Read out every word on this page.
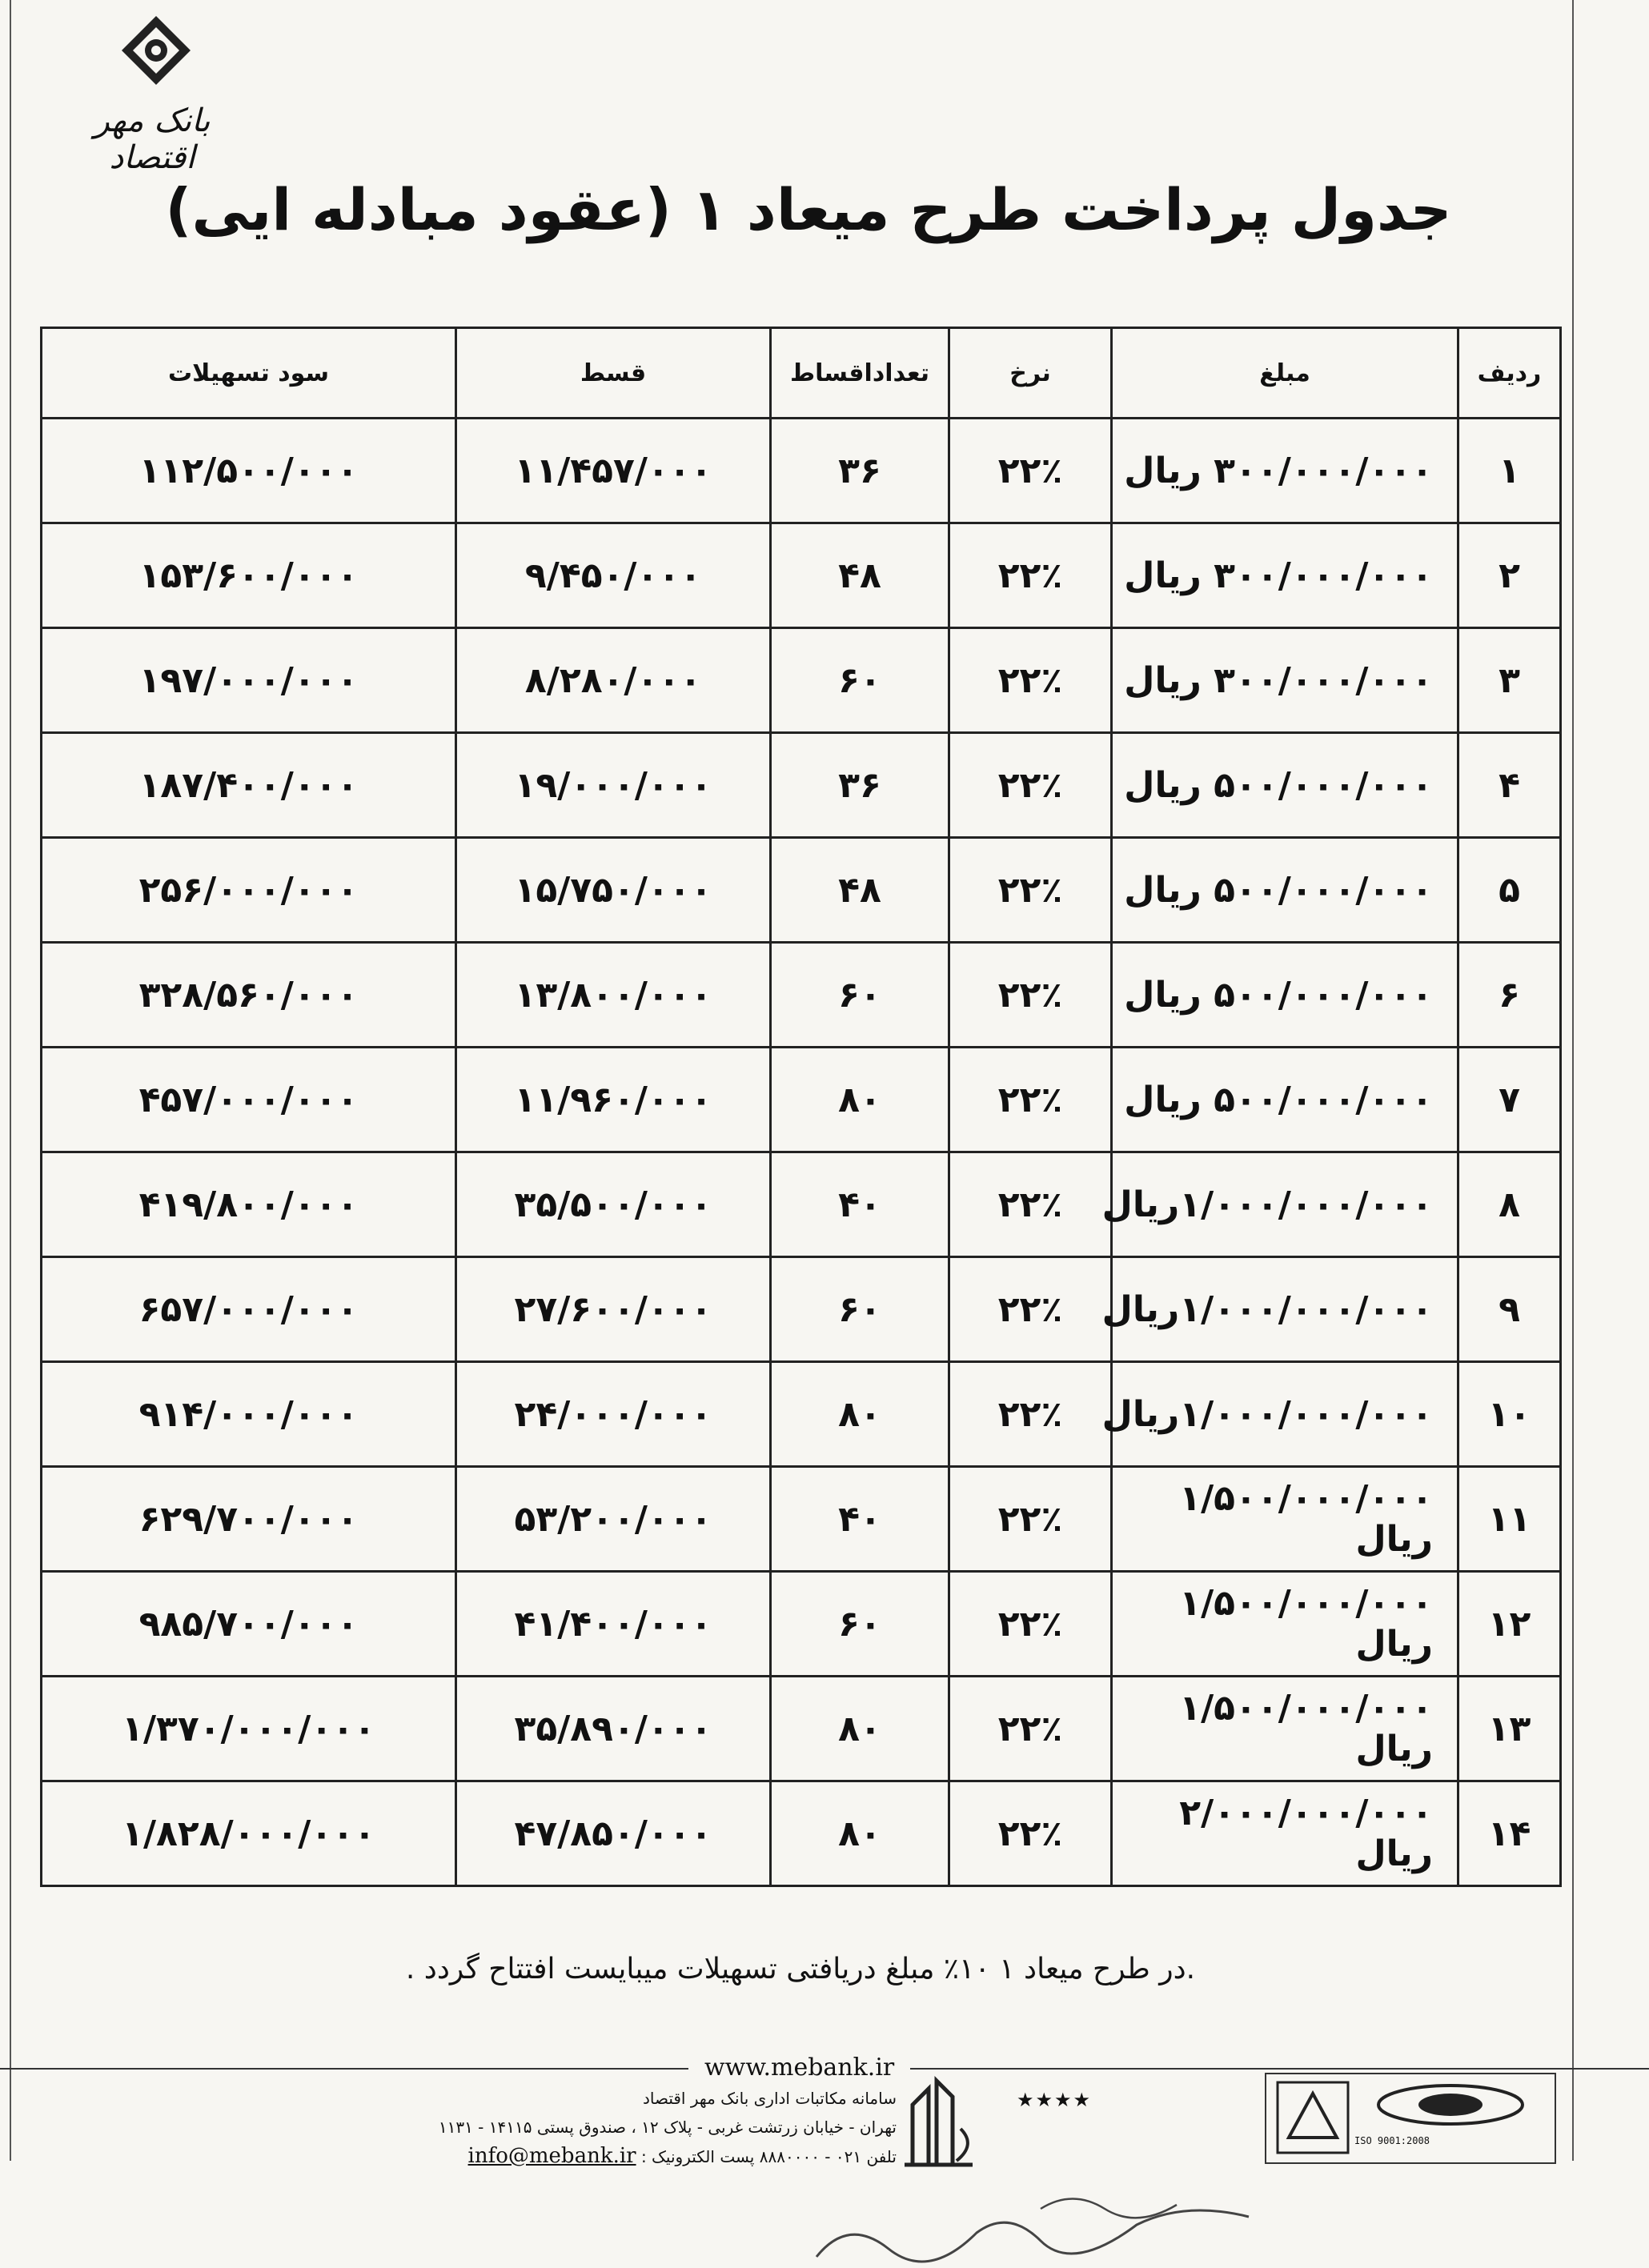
بانک مهر اقتصاد
جدول پرداخت طرح میعاد ۱ (عقود مبادله ایی)
ردیف	مبلغ	نرخ	تعداداقساط	قسط	سود تسهیلات
۱	۳۰۰/۰۰۰/۰۰۰ ریال	۲۲٪	۳۶	۱۱/۴۵۷/۰۰۰	۱۱۲/۵۰۰/۰۰۰
۲	۳۰۰/۰۰۰/۰۰۰ ریال	۲۲٪	۴۸	۹/۴۵۰/۰۰۰	۱۵۳/۶۰۰/۰۰۰
۳	۳۰۰/۰۰۰/۰۰۰ ریال	۲۲٪	۶۰	۸/۲۸۰/۰۰۰	۱۹۷/۰۰۰/۰۰۰
۴	۵۰۰/۰۰۰/۰۰۰ ریال	۲۲٪	۳۶	۱۹/۰۰۰/۰۰۰	۱۸۷/۴۰۰/۰۰۰
۵	۵۰۰/۰۰۰/۰۰۰ ریال	۲۲٪	۴۸	۱۵/۷۵۰/۰۰۰	۲۵۶/۰۰۰/۰۰۰
۶	۵۰۰/۰۰۰/۰۰۰ ریال	۲۲٪	۶۰	۱۳/۸۰۰/۰۰۰	۳۲۸/۵۶۰/۰۰۰
۷	۵۰۰/۰۰۰/۰۰۰ ریال	۲۲٪	۸۰	۱۱/۹۶۰/۰۰۰	۴۵۷/۰۰۰/۰۰۰
۸	۱/۰۰۰/۰۰۰/۰۰۰ریال	۲۲٪	۴۰	۳۵/۵۰۰/۰۰۰	۴۱۹/۸۰۰/۰۰۰
۹	۱/۰۰۰/۰۰۰/۰۰۰ریال	۲۲٪	۶۰	۲۷/۶۰۰/۰۰۰	۶۵۷/۰۰۰/۰۰۰
۱۰	۱/۰۰۰/۰۰۰/۰۰۰ریال	۲۲٪	۸۰	۲۴/۰۰۰/۰۰۰	۹۱۴/۰۰۰/۰۰۰
۱۱	۱/۵۰۰/۰۰۰/۰۰۰ ریال	۲۲٪	۴۰	۵۳/۲۰۰/۰۰۰	۶۲۹/۷۰۰/۰۰۰
۱۲	۱/۵۰۰/۰۰۰/۰۰۰ ریال	۲۲٪	۶۰	۴۱/۴۰۰/۰۰۰	۹۸۵/۷۰۰/۰۰۰
۱۳	۱/۵۰۰/۰۰۰/۰۰۰ ریال	۲۲٪	۸۰	۳۵/۸۹۰/۰۰۰	۱/۳۷۰/۰۰۰/۰۰۰
۱۴	۲/۰۰۰/۰۰۰/۰۰۰ ریال	۲۲٪	۸۰	۴۷/۸۵۰/۰۰۰	۱/۸۲۸/۰۰۰/۰۰۰
.در طرح میعاد ۱ ۱۰٪ مبلغ دریافتی تسهیلات میبایست افتتاح گردد .
www.mebank.ir
سامانه مکاتبات اداری بانک مهر اقتصاد
تهران - خیابان زرتشت غربی - پلاک ۱۲ ، صندوق پستی ۱۴۱۱۵ - ۱۱۳۱
تلفن ۰۲۱ - ۸۸۸۰۰۰۰ پست الکترونیک : info@mebank.ir
★★★★
ISO 9001:2008
